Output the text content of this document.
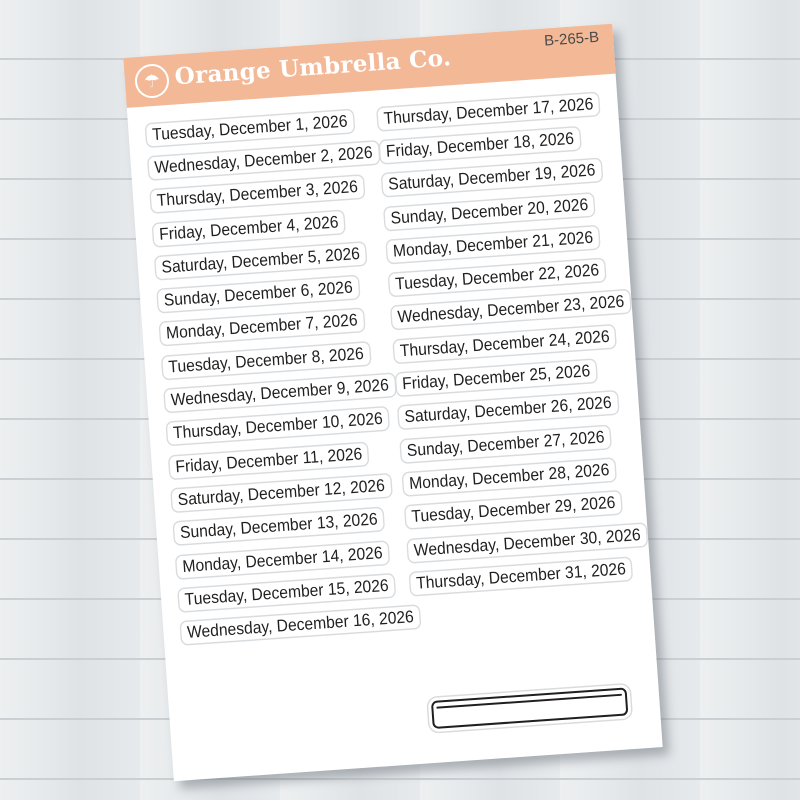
☂ Orange Umbrella Co.
B-265-B
Tuesday, December 1, 2026
Wednesday, December 2, 2026
Thursday, December 3, 2026
Friday, December 4, 2026
Saturday, December 5, 2026
Sunday, December 6, 2026
Monday, December 7, 2026
Tuesday, December 8, 2026
Wednesday, December 9, 2026
Thursday, December 10, 2026
Friday, December 11, 2026
Saturday, December 12, 2026
Sunday, December 13, 2026
Monday, December 14, 2026
Tuesday, December 15, 2026
Wednesday, December 16, 2026
Thursday, December 17, 2026
Friday, December 18, 2026
Saturday, December 19, 2026
Sunday, December 20, 2026
Monday, December 21, 2026
Tuesday, December 22, 2026
Wednesday, December 23, 2026
Thursday, December 24, 2026
Friday, December 25, 2026
Saturday, December 26, 2026
Sunday, December 27, 2026
Monday, December 28, 2026
Tuesday, December 29, 2026
Wednesday, December 30, 2026
Thursday, December 31, 2026
